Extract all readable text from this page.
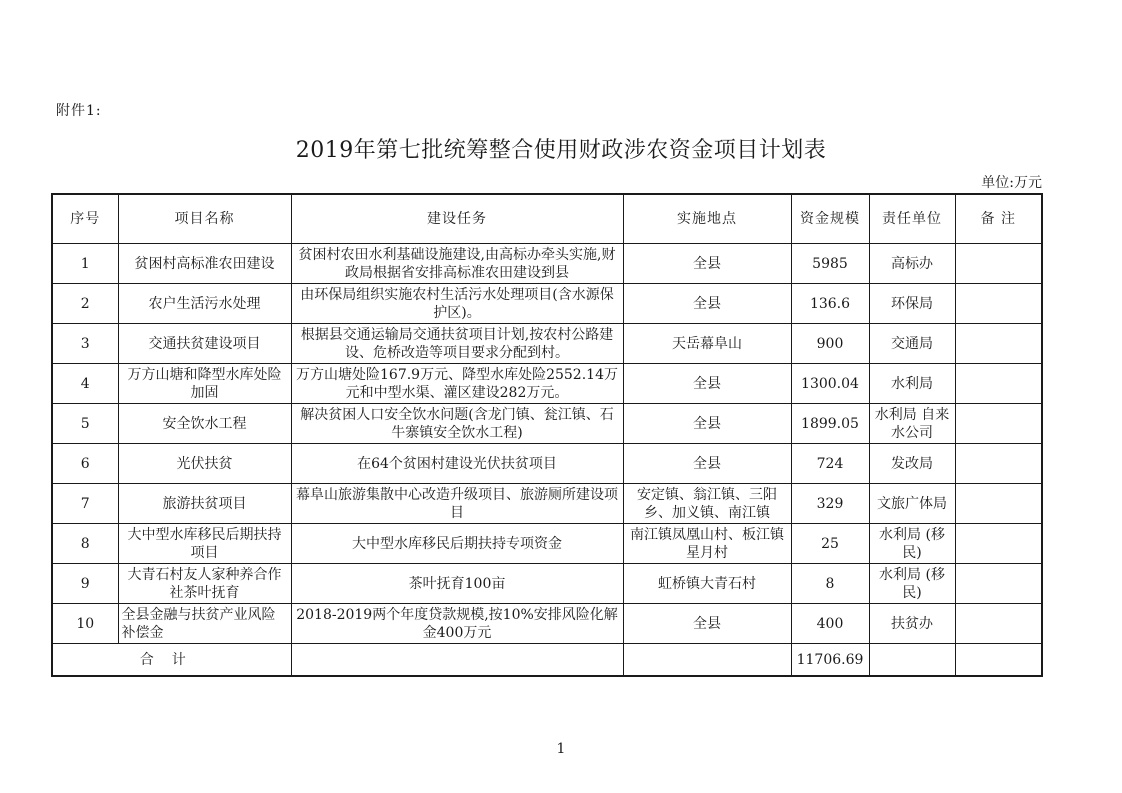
附件1:
2019年第七批统筹整合使用财政涉农资金项目计划表
单位:万元
序号	项目名称	建设任务	实施地点	资金规模	责任单位	备 注
1	贫困村高标准农田建设	贫困村农田水利基础设施建设,由高标办牵头实施,财政局根据省安排高标准农田建设到县	全县	5985	高标办	
2	农户生活污水处理	由环保局组织实施农村生活污水处理项目(含水源保护区)。	全县	136.6	环保局	
3	交通扶贫建设项目	根据县交通运输局交通扶贫项目计划,按农村公路建设、危桥改造等项目要求分配到村。	天岳幕阜山	900	交通局	
4	万方山塘和降型水库处险加固	万方山塘处险167.9万元、降型水库处险2552.14万元和中型水渠、灌区建设282万元。	全县	1300.04	水利局	
5	安全饮水工程	解决贫困人口安全饮水问题(含龙门镇、瓮江镇、石牛寨镇安全饮水工程)	全县	1899.05	水利局 自来水公司	
6	光伏扶贫	在64个贫困村建设光伏扶贫项目	全县	724	发改局	
7	旅游扶贫项目	幕阜山旅游集散中心改造升级项目、旅游厕所建设项目	安定镇、翁江镇、三阳乡、加义镇、南江镇	329	文旅广体局	
8	大中型水库移民后期扶持项目	大中型水库移民后期扶持专项资金	南江镇凤凰山村、板江镇星月村	25	水利局 (移民)	
9	大青石村友人家种养合作社茶叶抚育	茶叶抚育100亩	虹桥镇大青石村	8	水利局 (移民)	
10	全县金融与扶贫产业风险补偿金	2018-2019两个年度贷款规模,按10%安排风险化解金400万元	全县	400	扶贫办	
合计				11706.69		
1
